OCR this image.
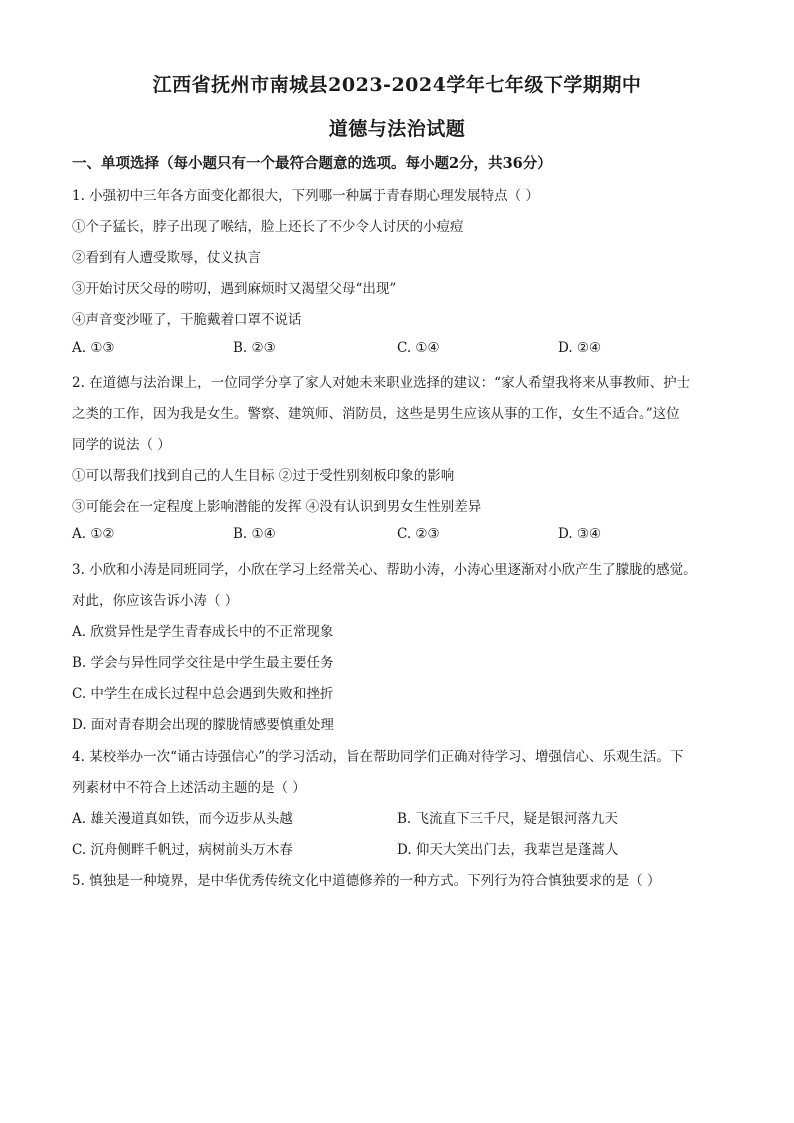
江西省抚州市南城县2023-2024学年七年级下学期期中
道德与法治试题
一、单项选择（每小题只有一个最符合题意的选项。每小题2分，共36分）
1. 小强初中三年各方面变化都很大，下列哪一种属于青春期心理发展特点（ ）
①个子猛长，脖子出现了喉结，脸上还长了不少令人讨厌的小痘痘
②看到有人遭受欺辱，仗义执言
③开始讨厌父母的唠叨，遇到麻烦时又渴望父母“出现”
④声音变沙哑了，干脆戴着口罩不说话
A. ①③	B. ②③	C. ①④	D. ②④
2. 在道德与法治课上，一位同学分享了家人对她未来职业选择的建议：“家人希望我将来从事教师、护士
之类的工作，因为我是女生。警察、建筑师、消防员，这些是男生应该从事的工作，女生不适合。”这位
同学的说法（ ）
①可以帮我们找到自己的人生目标 ②过于受性别刻板印象的影响
③可能会在一定程度上影响潜能的发挥 ④没有认识到男女生性别差异
A. ①②	B. ①④	C. ②③	D. ③④
3. 小欣和小涛是同班同学，小欣在学习上经常关心、帮助小涛，小涛心里逐渐对小欣产生了朦胧的感觉。
对此，你应该告诉小涛（ ）
A. 欣赏异性是学生青春成长中的不正常现象
B. 学会与异性同学交往是中学生最主要任务
C. 中学生在成长过程中总会遇到失败和挫折
D. 面对青春期会出现的朦胧情感要慎重处理
4. 某校举办一次“诵古诗强信心”的学习活动，旨在帮助同学们正确对待学习、增强信心、乐观生活。下
列素材中不符合上述活动主题的是（ ）
A. 雄关漫道真如铁，而今迈步从头越	B. 飞流直下三千尺，疑是银河落九天
C. 沉舟侧畔千帆过，病树前头万木春	D. 仰天大笑出门去，我辈岂是蓬蒿人
5. 慎独是一种境界，是中华优秀传统文化中道德修养的一种方式。下列行为符合慎独要求的是（ ）
